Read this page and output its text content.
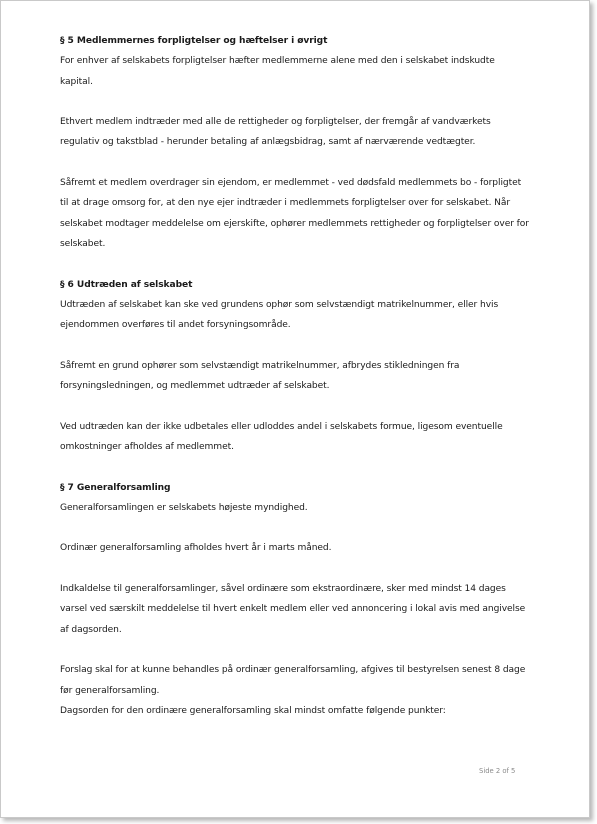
§ 5 Medlemmernes forpligtelser og hæftelser i øvrigt
For enhver af selskabets forpligtelser hæfter medlemmerne alene med den i selskabet indskudte kapital.
Ethvert medlem indtræder med alle de rettigheder og forpligtelser, der fremgår af vandværkets regulativ og takstblad - herunder betaling af anlægsbidrag, samt af nærværende vedtægter.
Såfremt et medlem overdrager sin ejendom, er medlemmet - ved dødsfald medlemmets bo - forpligtet til at drage omsorg for, at den nye ejer indtræder i medlemmets forpligtelser over for selskabet. Når selskabet modtager meddelelse om ejerskifte, ophører medlemmets rettigheder og forpligtelser over for selskabet.
§ 6 Udtræden af selskabet
Udtræden af selskabet kan ske ved grundens ophør som selvstændigt matrikelnummer, eller hvis ejendommen overføres til andet forsyningsområde.
Såfremt en grund ophører som selvstændigt matrikelnummer, afbrydes stikledningen fra forsyningsledningen, og medlemmet udtræder af selskabet.
Ved udtræden kan der ikke udbetales eller udloddes andel i selskabets formue, ligesom eventuelle omkostninger afholdes af medlemmet.
§ 7 Generalforsamling
Generalforsamlingen er selskabets højeste myndighed.
Ordinær generalforsamling afholdes hvert år i marts måned.
Indkaldelse til generalforsamlinger, såvel ordinære som ekstraordinære, sker med mindst 14 dages varsel ved særskilt meddelelse til hvert enkelt medlem eller ved annoncering i lokal avis med angivelse af dagsorden.
Forslag skal for at kunne behandles på ordinær generalforsamling, afgives til bestyrelsen senest 8 dage før generalforsamling.
Dagsorden for den ordinære generalforsamling skal mindst omfatte følgende punkter:
Side 2 of 5
